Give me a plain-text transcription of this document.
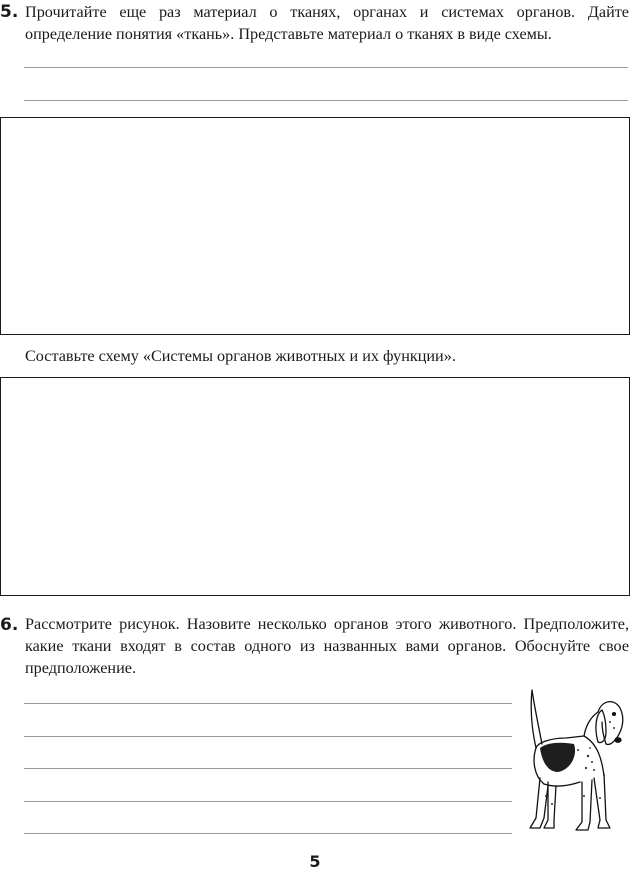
5. Прочитайте еще раз материал о тканях, органах и системах органов. Дайте определение понятия «ткань». Представьте материал о тканях в виде схемы.

Составьте схему «Системы органов животных и их функции».

6. Рассмотрите рисунок. Назовите несколько органов этого животного. Предположите, какие ткани входят в состав одного из названных вами органов. Обоснуйте свое предположение.

5
